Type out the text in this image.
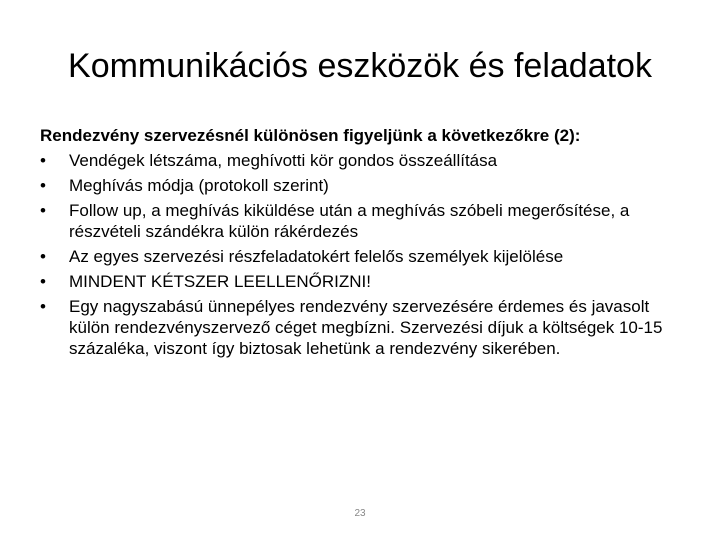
Kommunikációs eszközök és feladatok

Rendezvény szervezésnél különösen figyeljünk a következőkre (2):

•	Vendégek létszáma, meghívotti kör gondos összeállítása
•	Meghívás módja (protokoll szerint)
•	Follow up, a meghívás kiküldése után a meghívás szóbeli megerősítése, a részvételi szándékra külön rákérdezés
•	Az egyes szervezési részfeladatokért felelős személyek kijelölése
•	MINDENT KÉTSZER LEELLENŐRIZNI!
•	Egy nagyszabású ünnepélyes rendezvény szervezésére érdemes és javasolt külön rendezvényszervező céget megbízni. Szervezési díjuk a költségek 10-15 százaléka, viszont így biztosak lehetünk a rendezvény sikerében.
23
